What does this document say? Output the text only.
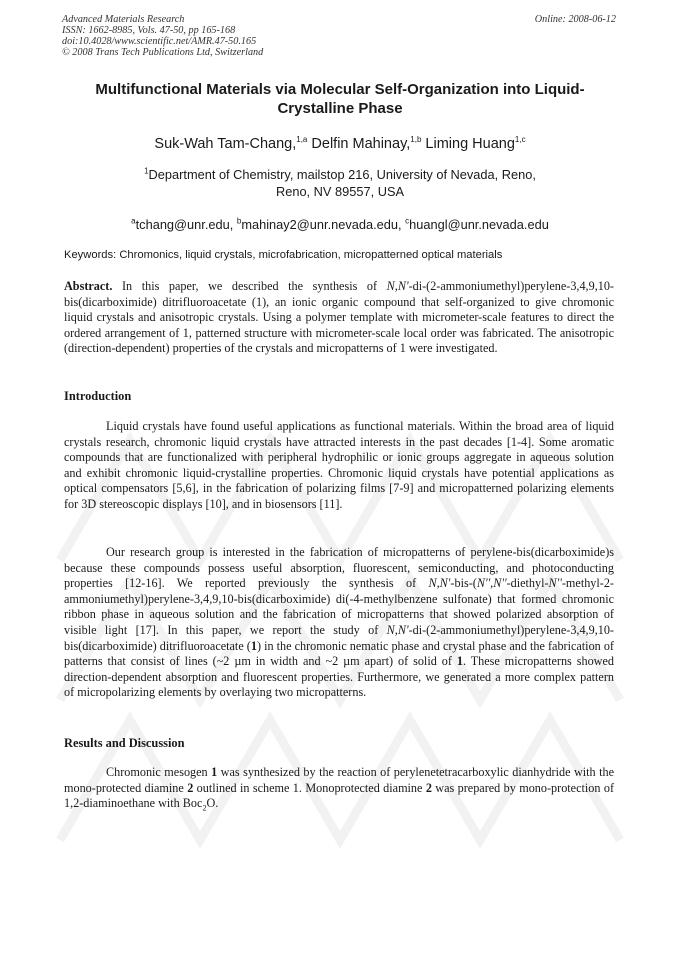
Advanced Materials Research
ISSN: 1662-8985, Vols. 47-50, pp 165-168
doi:10.4028/www.scientific.net/AMR.47-50.165
© 2008 Trans Tech Publications Ltd, Switzerland
Online: 2008-06-12
Multifunctional Materials via Molecular Self-Organization into Liquid-Crystalline Phase
Suk-Wah Tam-Chang,$^{1,a}$ Delfin Mahinay,$^{1,b}$ Liming Huang$^{1,c}$
$^1$Department of Chemistry, mailstop 216, University of Nevada, Reno,
Reno, NV 89557, USA
$^a$tchang@unr.edu, $^b$mahinay2@unr.nevada.edu, $^c$huangl@unr.nevada.edu
Keywords: Chromonics, liquid crystals, microfabrication, micropatterned optical materials
Abstract. In this paper, we described the synthesis of N,N'-di-(2-ammoniumethyl)perylene-3,4,9,10-bis(dicarboximide) ditrifluoroacetate (1), an ionic organic compound that self-organized to give chromonic liquid crystals and anisotropic crystals. Using a polymer template with micrometer-scale features to direct the ordered arrangement of 1, patterned structure with micrometer-scale local order was fabricated. The anisotropic (direction-dependent) properties of the crystals and micropatterns of 1 were investigated.
Introduction
Liquid crystals have found useful applications as functional materials. Within the broad area of liquid crystals research, chromonic liquid crystals have attracted interests in the past decades [1-4]. Some aromatic compounds that are functionalized with peripheral hydrophilic or ionic groups aggregate in aqueous solution and exhibit chromonic liquid-crystalline properties. Chromonic liquid crystals have potential applications as optical compensators [5,6], in the fabrication of polarizing films [7-9] and micropatterned polarizing elements for 3D stereoscopic displays [10], and in biosensors [11].
Our research group is interested in the fabrication of micropatterns of perylene-bis(dicarboximide)s because these compounds possess useful absorption, fluorescent, semiconducting, and photoconducting properties [12-16]. We reported previously the synthesis of N,N'-bis-(N'',N''-diethyl-N''-methyl-2-ammoniumethyl)perylene-3,4,9,10-bis(dicarboximide) di(-4-methylbenzene sulfonate) that formed chromonic ribbon phase in aqueous solution and the fabrication of micropatterns that showed polarized absorption of visible light [17]. In this paper, we report the study of N,N'-di-(2-ammoniumethyl)perylene-3,4,9,10-bis(dicarboximide) ditrifluoroacetate (1) in the chromonic nematic phase and crystal phase and the fabrication of patterns that consist of lines (~2 µm in width and ~2 µm apart) of solid of 1. These micropatterns showed direction-dependent absorption and fluorescent properties. Furthermore, we generated a more complex pattern of micropolarizing elements by overlaying two micropatterns.
Results and Discussion
Chromonic mesogen 1 was synthesized by the reaction of perylenetetracarboxylic dianhydride with the mono-protected diamine 2 outlined in scheme 1. Monoprotected diamine 2 was prepared by mono-protection of 1,2-diaminoethane with Boc$_2$O.
